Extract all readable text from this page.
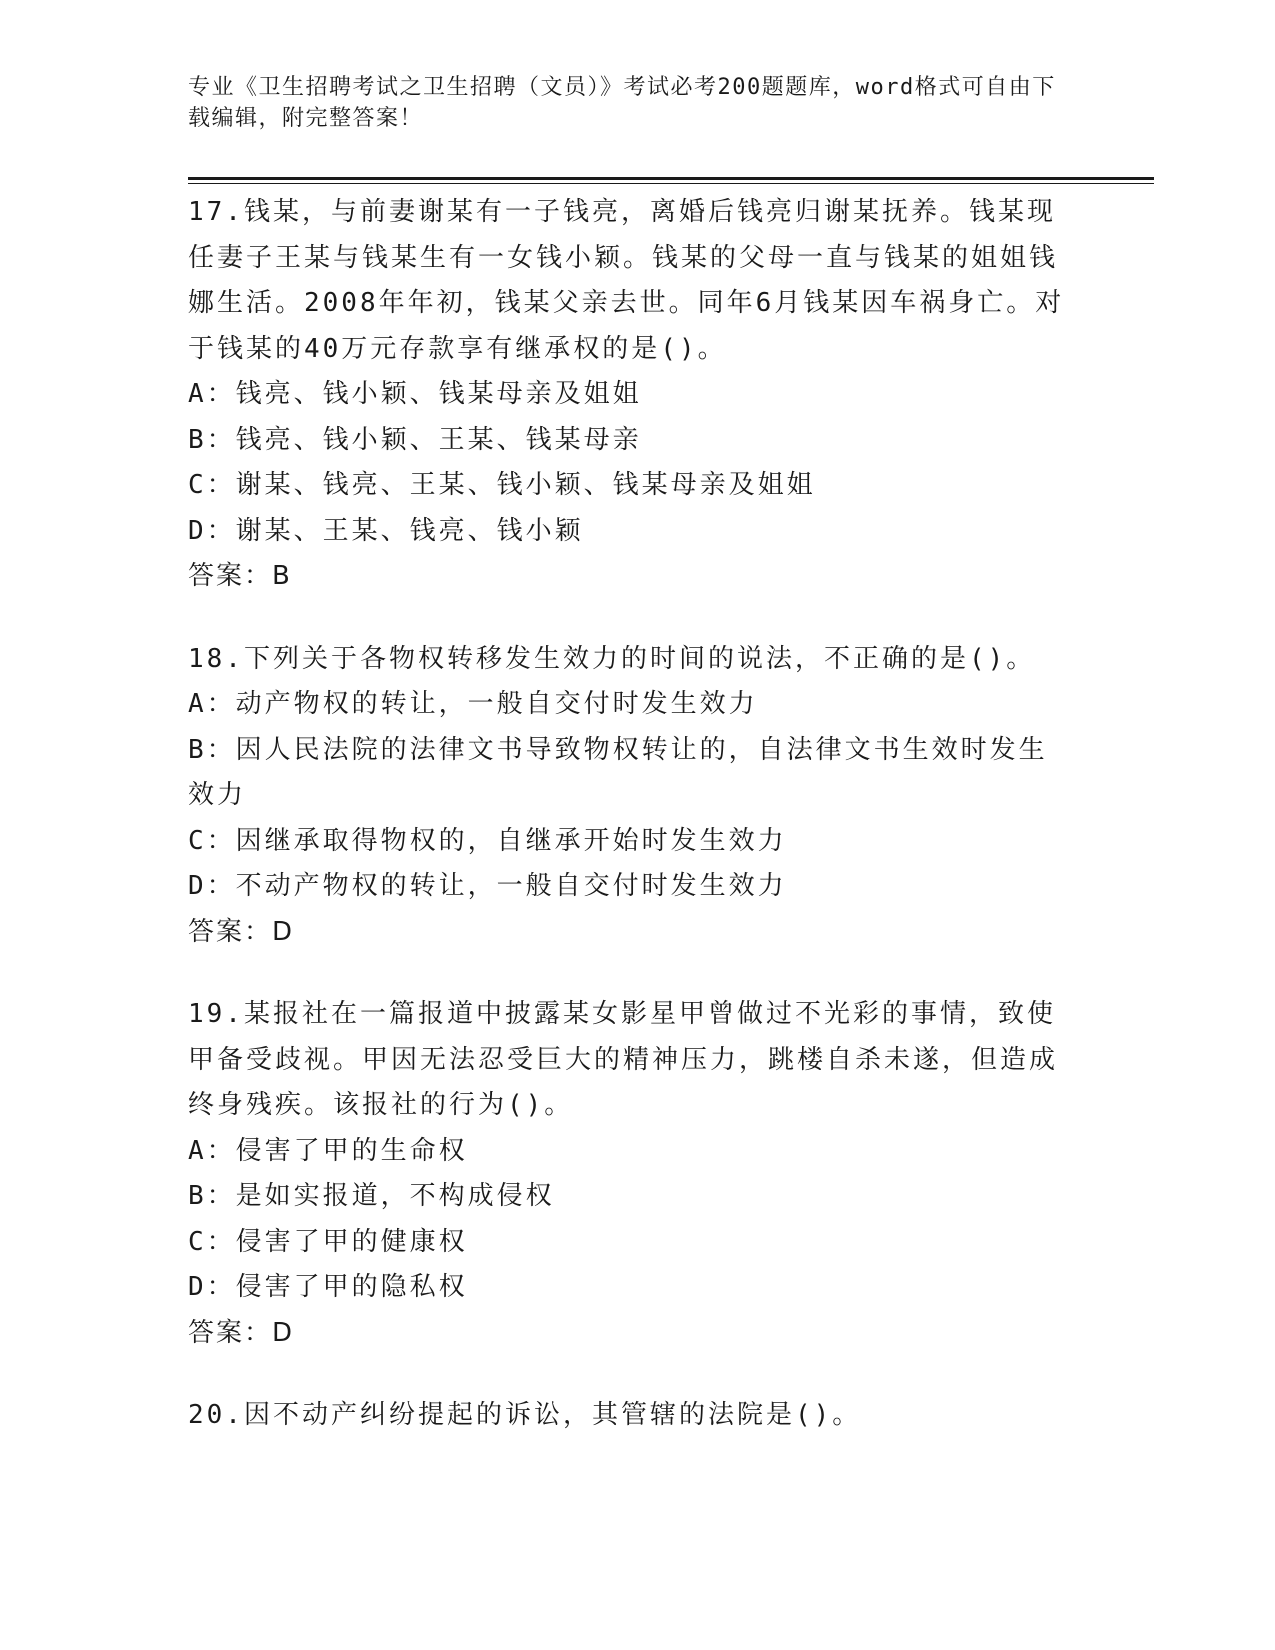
专业《卫生招聘考试之卫生招聘（文员）》考试必考200题题库，word格式可自由下载编辑，附完整答案！

17.钱某，与前妻谢某有一子钱亮，离婚后钱亮归谢某抚养。钱某现任妻子王某与钱某生有一女钱小颖。钱某的父母一直与钱某的姐姐钱娜生活。2008年年初，钱某父亲去世。同年6月钱某因车祸身亡。对于钱某的40万元存款享有继承权的是()。

A：钱亮、钱小颖、钱某母亲及姐姐

B：钱亮、钱小颖、王某、钱某母亲

C：谢某、钱亮、王某、钱小颖、钱某母亲及姐姐

D：谢某、王某、钱亮、钱小颖

答案：B

18.下列关于各物权转移发生效力的时间的说法，不正确的是()。

A：动产物权的转让，一般自交付时发生效力

B：因人民法院的法律文书导致物权转让的，自法律文书生效时发生效力

C：因继承取得物权的，自继承开始时发生效力

D：不动产物权的转让，一般自交付时发生效力

答案：D

19.某报社在一篇报道中披露某女影星甲曾做过不光彩的事情，致使甲备受歧视。甲因无法忍受巨大的精神压力，跳楼自杀未遂，但造成终身残疾。该报社的行为()。

A：侵害了甲的生命权

B：是如实报道，不构成侵权

C：侵害了甲的健康权

D：侵害了甲的隐私权

答案：D

20.因不动产纠纷提起的诉讼，其管辖的法院是()。
